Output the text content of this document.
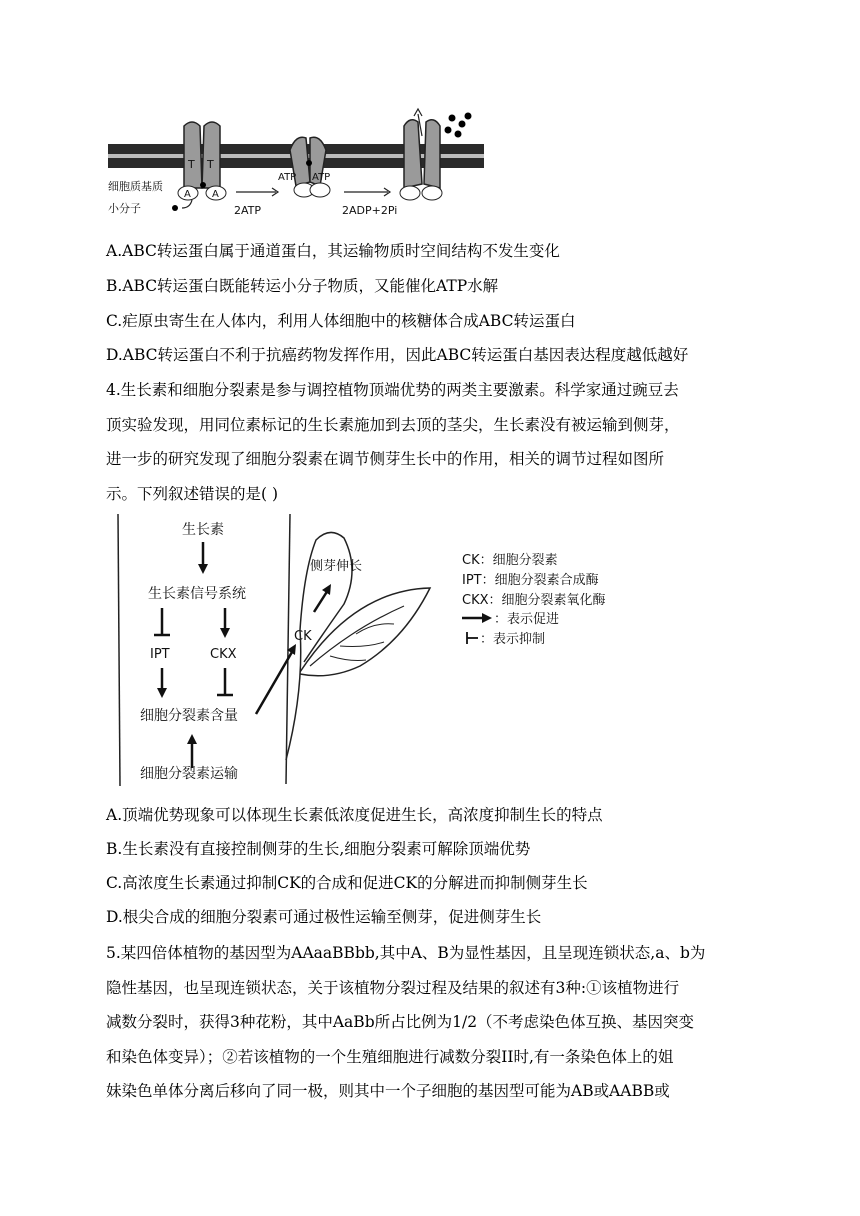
T T
A A
细胞质基质
小分子	2ATP
ATP ATP
2ADP+2Pi
A.ABC转运蛋白属于通道蛋白，其运输物质时空间结构不发生变化
B.ABC转运蛋白既能转运小分子物质，又能催化ATP水解
C.疟原虫寄生在人体内，利用人体细胞中的核糖体合成ABC转运蛋白
D.ABC转运蛋白不利于抗癌药物发挥作用，因此ABC转运蛋白基因表达程度越低越好
4.生长素和细胞分裂素是参与调控植物顶端优势的两类主要激素。科学家通过豌豆去
顶实验发现，用同位素标记的生长素施加到去顶的茎尖，生长素没有被运输到侧芽，
进一步的研究发现了细胞分裂素在调节侧芽生长中的作用，相关的调节过程如图所
示。下列叙述错误的是( )
生长素
生长素信号系统
IPT	CKX
细胞分裂素含量
细胞分裂素运输
CK
侧芽伸长	CK：细胞分裂素
IPT：细胞分裂素合成酶
CKX：细胞分裂素氧化酶
：表示促进
：表示抑制
A.顶端优势现象可以体现生长素低浓度促进生长，高浓度抑制生长的特点
B.生长素没有直接控制侧芽的生长,细胞分裂素可解除顶端优势
C.高浓度生长素通过抑制CK的合成和促进CK的分解进而抑制侧芽生长
D.根尖合成的细胞分裂素可通过极性运输至侧芽，促进侧芽生长
5.某四倍体植物的基因型为AAaaBBbb,其中A、B为显性基因，且呈现连锁状态,a、b为
隐性基因，也呈现连锁状态，关于该植物分裂过程及结果的叙述有3种:①该植物进行
减数分裂时，获得3种花粉，其中AaBb所占比例为1/2（不考虑染色体互换、基因突变
和染色体变异）；②若该植物的一个生殖细胞进行减数分裂II时,有一条染色体上的姐
妹染色单体分离后移向了同一极，则其中一个子细胞的基因型可能为AB或AABB或
